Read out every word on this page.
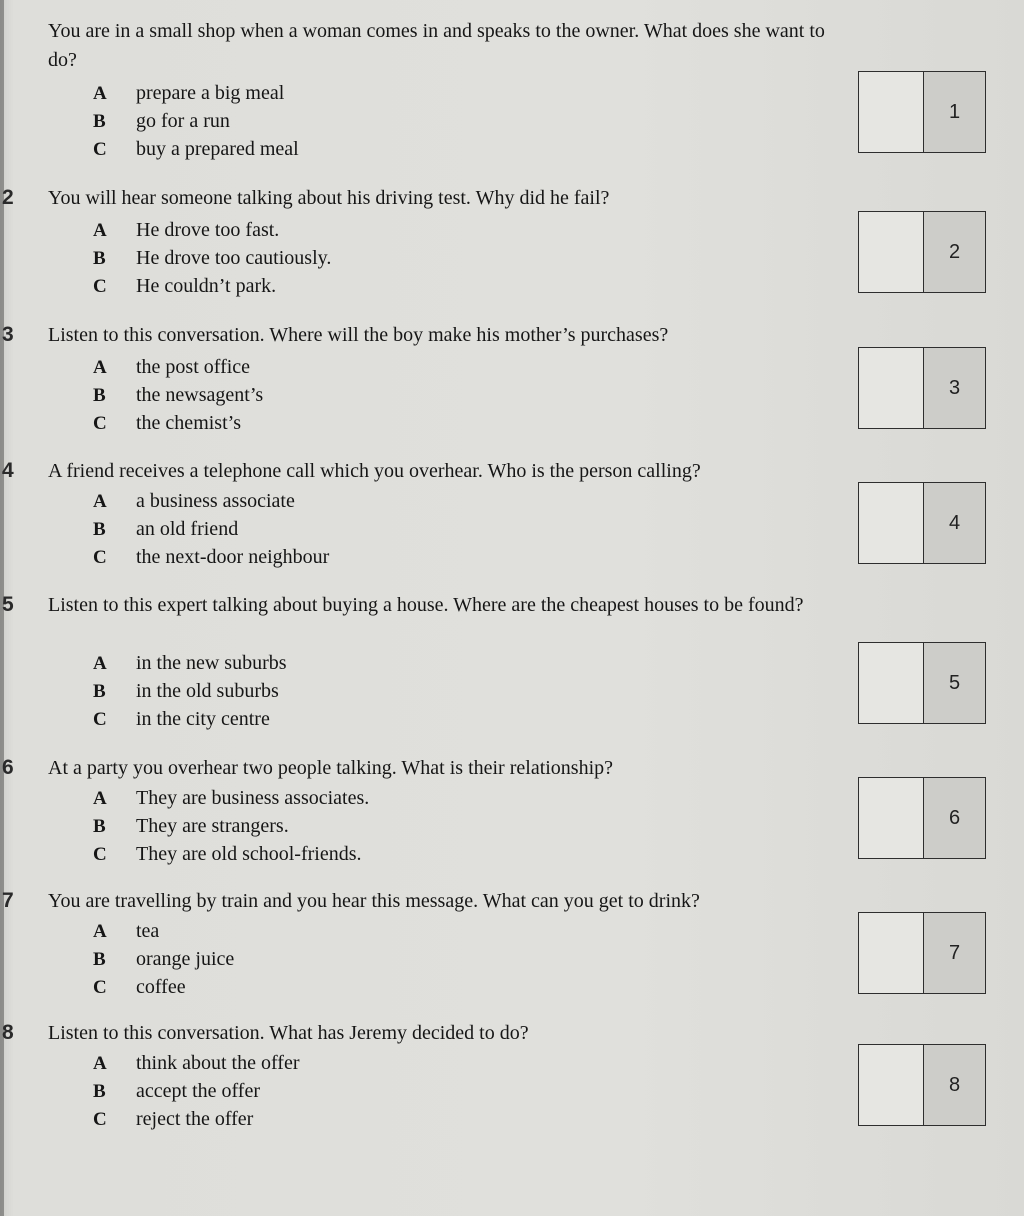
You are in a small shop when a woman comes in and speaks to the owner. What does she want to do?
A prepare a big meal
B go for a run
C buy a prepared meal
1
2 You will hear someone talking about his driving test. Why did he fail?
A He drove too fast.
B He drove too cautiously.
C He couldn’t park.
2
3 Listen to this conversation. Where will the boy make his mother’s purchases?
A the post office
B the newsagent’s
C the chemist’s
3
4 A friend receives a telephone call which you overhear. Who is the person calling?
A a business associate
B an old friend
C the next-door neighbour
4
5 Listen to this expert talking about buying a house. Where are the cheapest houses to be found?
A in the new suburbs
B in the old suburbs
C in the city centre
5
6 At a party you overhear two people talking. What is their relationship?
A They are business associates.
B They are strangers.
C They are old school-friends.
6
7 You are travelling by train and you hear this message. What can you get to drink?
A tea
B orange juice
C coffee
7
8 Listen to this conversation. What has Jeremy decided to do?
A think about the offer
B accept the offer
C reject the offer
8
